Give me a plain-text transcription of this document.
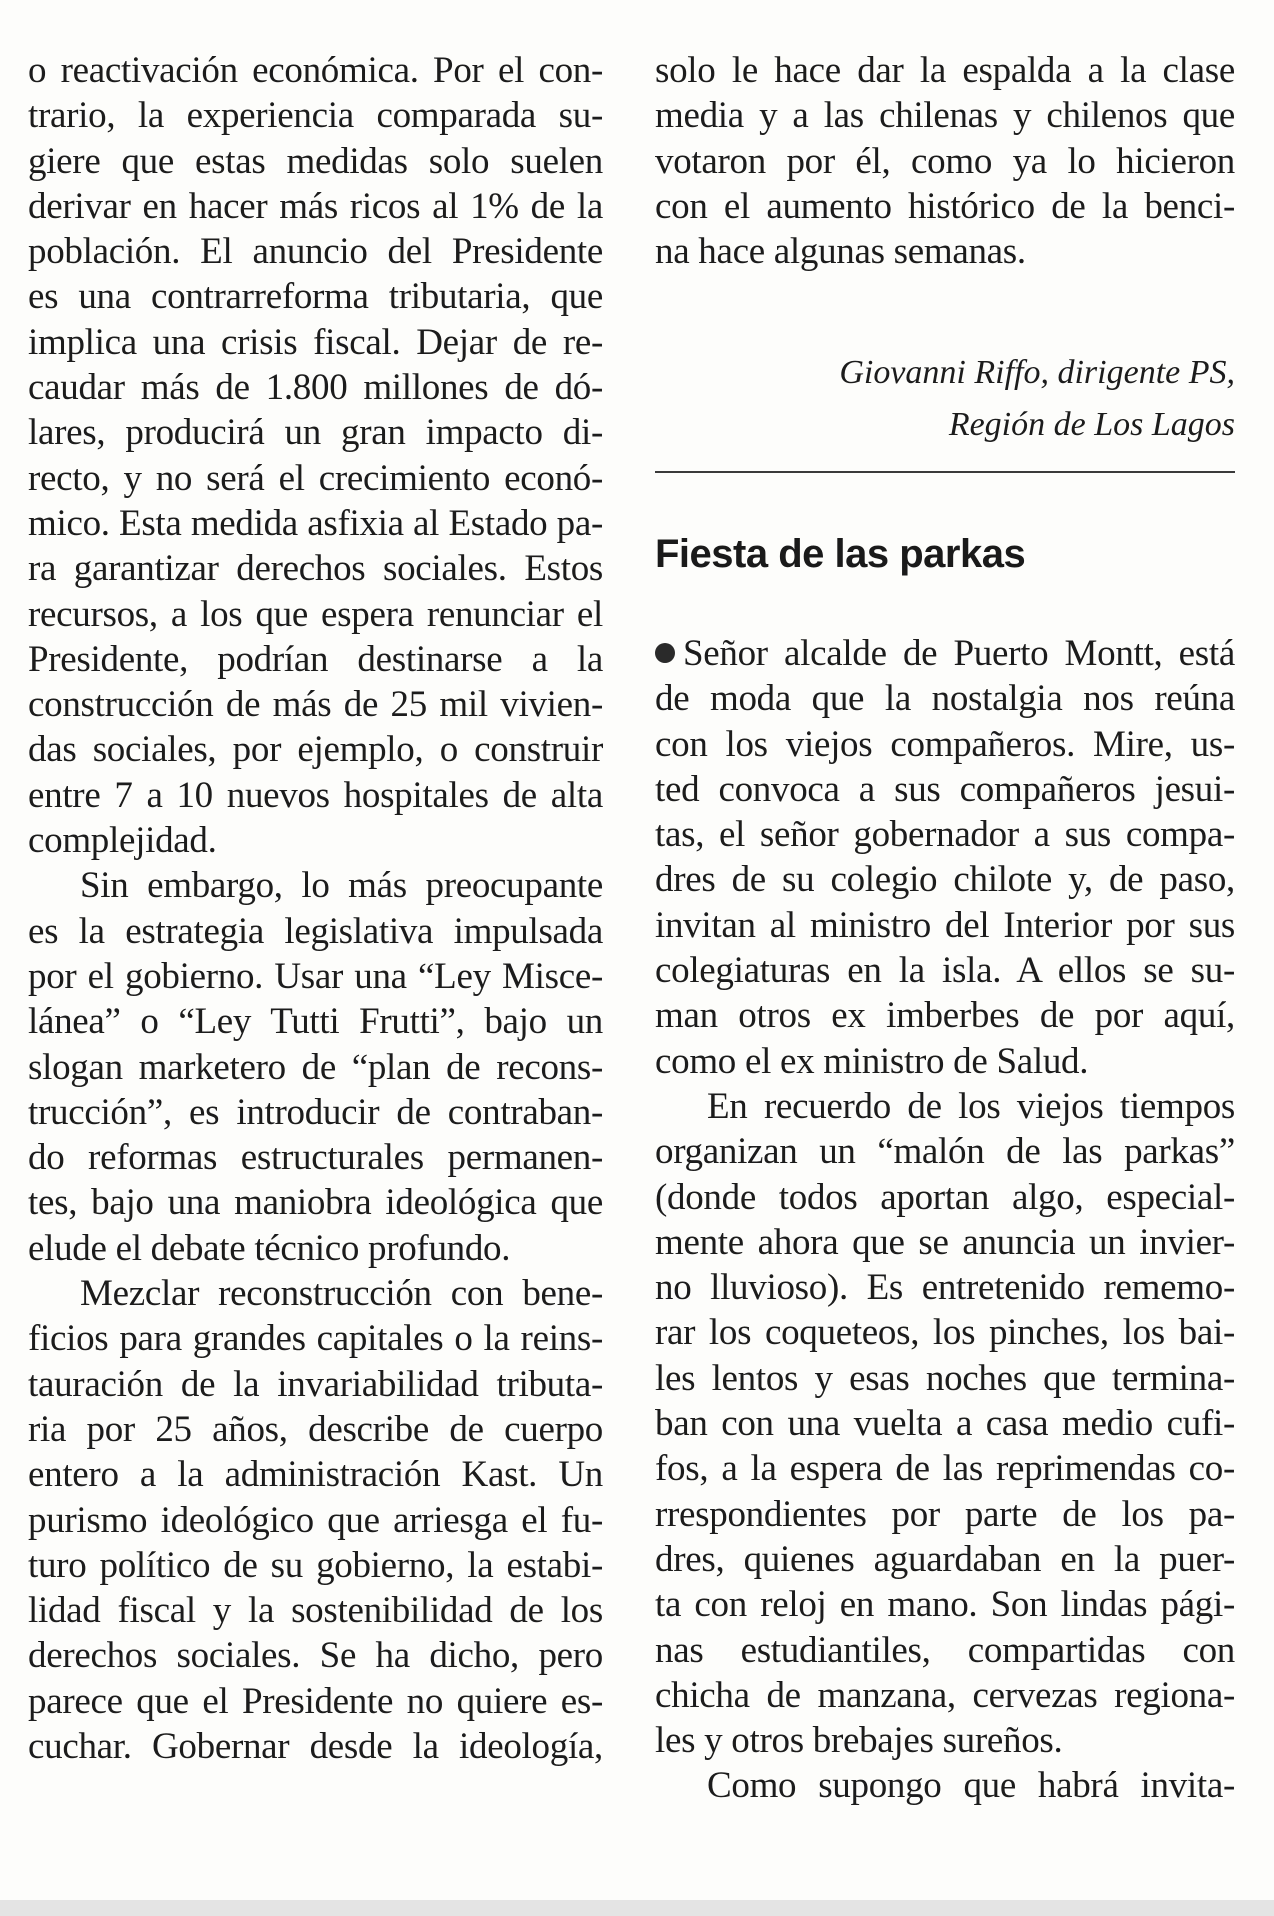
o reactivación económica. Por el con-
trario, la experiencia comparada su-
giere que estas medidas solo suelen
derivar en hacer más ricos al 1% de la
población. El anuncio del Presidente
es una contrarreforma tributaria, que
implica una crisis fiscal. Dejar de re-
caudar más de 1.800 millones de dó-
lares, producirá un gran impacto di-
recto, y no será el crecimiento econó-
mico. Esta medida asfixia al Estado pa-
ra garantizar derechos sociales. Estos
recursos, a los que espera renunciar el
Presidente, podrían destinarse a la
construcción de más de 25 mil vivien-
das sociales, por ejemplo, o construir
entre 7 a 10 nuevos hospitales de alta
complejidad.
Sin embargo, lo más preocupante
es la estrategia legislativa impulsada
por el gobierno. Usar una “Ley Misce-
lánea” o “Ley Tutti Frutti”, bajo un
slogan marketero de “plan de recons-
trucción”, es introducir de contraban-
do reformas estructurales permanen-
tes, bajo una maniobra ideológica que
elude el debate técnico profundo.
Mezclar reconstrucción con bene-
ficios para grandes capitales o la reins-
tauración de la invariabilidad tributa-
ria por 25 años, describe de cuerpo
entero a la administración Kast. Un
purismo ideológico que arriesga el fu-
turo político de su gobierno, la estabi-
lidad fiscal y la sostenibilidad de los
derechos sociales. Se ha dicho, pero
parece que el Presidente no quiere es-
cuchar. Gobernar desde la ideología,
solo le hace dar la espalda a la clase
media y a las chilenas y chilenos que
votaron por él, como ya lo hicieron
con el aumento histórico de la benci-
na hace algunas semanas.
Giovanni Riffo, dirigente PS,
Región de Los Lagos
Fiesta de las parkas
Señor alcalde de Puerto Montt, está
de moda que la nostalgia nos reúna
con los viejos compañeros. Mire, us-
ted convoca a sus compañeros jesui-
tas, el señor gobernador a sus compa-
dres de su colegio chilote y, de paso,
invitan al ministro del Interior por sus
colegiaturas en la isla. A ellos se su-
man otros ex imberbes de por aquí,
como el ex ministro de Salud.
En recuerdo de los viejos tiempos
organizan un “malón de las parkas”
(donde todos aportan algo, especial-
mente ahora que se anuncia un invier-
no lluvioso). Es entretenido rememo-
rar los coqueteos, los pinches, los bai-
les lentos y esas noches que termina-
ban con una vuelta a casa medio cufi-
fos, a la espera de las reprimendas co-
rrespondientes por parte de los pa-
dres, quienes aguardaban en la puer-
ta con reloj en mano. Son lindas pági-
nas estudiantiles, compartidas con
chicha de manzana, cervezas regiona-
les y otros brebajes sureños.
Como supongo que habrá invita-
